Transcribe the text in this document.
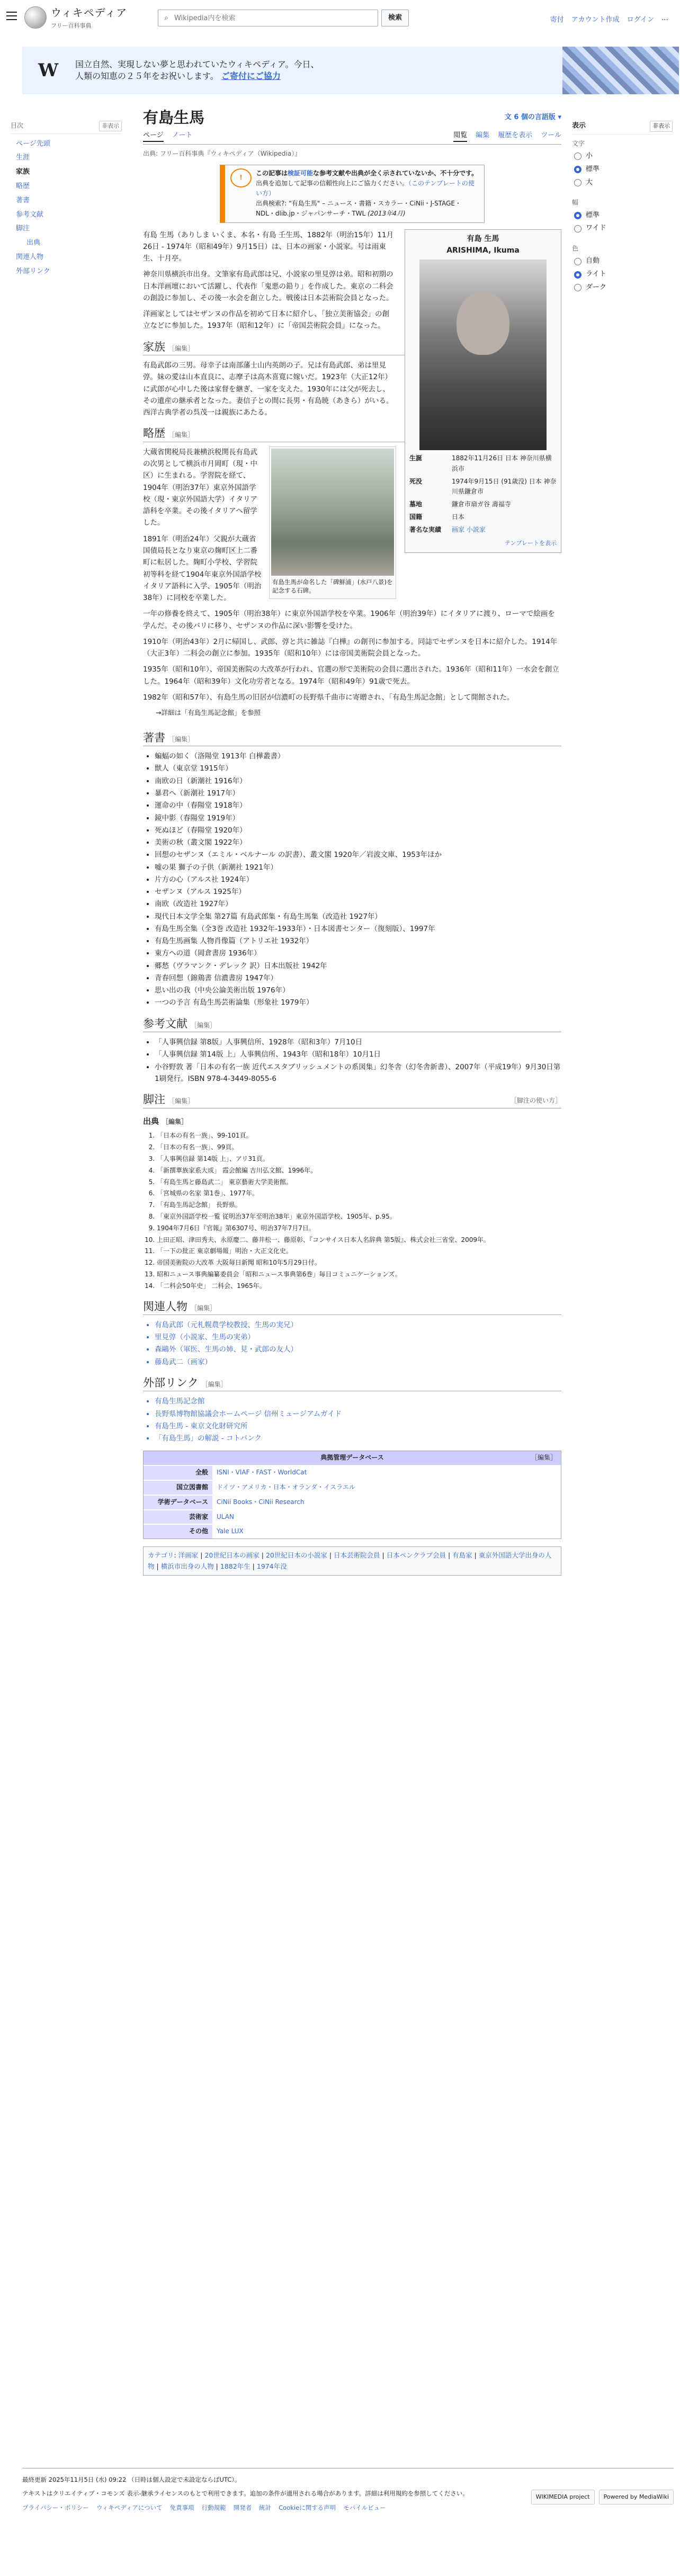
ウィキペディア
フリー百科事典
⌕
Wikipedia内を検索	検索	寄付 アカウント作成 ログイン ⋯
W	国立自然、実現しない夢と思われていたウィキペディア。今日、
人類の知恵の２５年をお祝いします。 ご寄付にご協力
目次	非表示
ページ先頭
生涯
家族
略歴
著書
参考文献
脚注
出典
関連人物
外部リンク
表示	非表示
文字
小
標準
大
幅
標準
ワイド
色
自動
ライト
ダーク
有島生馬	文 6 個の言語版 ▾
ページ ノート	閲覧 編集 履歴を表示 ツール
出典: フリー百科事典『ウィキペディア（Wikipedia）』
!
この記事は検証可能な参考文献や出典が全く示されていないか、不十分です。
出典を追加して記事の信頼性向上にご協力ください。（このテンプレートの使い方）
出典検索?: "有島生馬" – ニュース・書籍・スカラー・CiNii・J-STAGE・NDL・dlib.jp・ジャパンサーチ・TWL (2013年4月)
有島 生馬
ARISHIMA, Ikuma
生誕	1882年11月26日 日本 神奈川県横浜市
死没	1974年9月15日 (91歳没) 日本 神奈川県鎌倉市
墓地	鎌倉市扇ガ谷 壽福寺
国籍	日本
著名な実績	画家 小説家
テンプレートを表示

有島 生馬（ありしま いくま、本名・有島 壬生馬、1882年（明治15年）11月26日 - 1974年（昭和49年）9月15日）は、日本の画家・小説家。号は雨東生、十月亭。

神奈川県横浜市出身。文筆家有島武郎は兄、小説家の里見弴は弟。昭和初期の日本洋画壇において活躍し、代表作「鬼悪の鉛り」を作成した。東京の二科会の創設に参加し、その後一水会を創立した。戦後は日本芸術院会員となった。

洋画家としてはセザンヌの作品を初めて日本に紹介し、「独立美術協会」の創立などに参加した。1937年（昭和12年）に「帝国芸術院会員」になった。

家族 ［編集］

有島武郎の三男。母幸子は南部藩士山内英朗の子。兄は有島武郎、弟は里見弴。妹の愛は山本直良に、志摩子は高木喜寛に嫁いだ。1923年（大正12年）に武郎が心中した後は家督を継ぎ、一家を支えた。1930年には父が死去し、その遺産の継承者となった。妻信子との間に長男・有島暁（あきら）がいる。西洋古典学者の呉茂一は親族にあたる。

略歴 ［編集］
有島生馬が命名した「碑鮮浦」(水戸八景)を記念する石碑。

大蔵省関税局長兼横浜税関長有島武の次男として横浜市月岡町（現・中区）に生まれる。学習院を経て、1904年（明治37年）東京外国語学校（現・東京外国語大学）イタリア語科を卒業。その後イタリアへ留学した。

1891年（明治24年）父親が大蔵省国債局長となり東京の麹町区上二番町に転居した。麹町小学校、学習院初等科を経て1904年東京外国語学校イタリア語科に入学、1905年（明治38年）に同校を卒業した。

一年の修養を終えて、1905年（明治38年）に東京外国語学校を卒業。1906年（明治39年）にイタリアに渡り、ローマで絵画を学んだ。その後パリに移り、セザンヌの作品に深い影響を受けた。

1910年（明治43年）2月に帰国し、武郎、弴と共に雑誌『白樺』の創刊に参加する。同誌でセザンヌを日本に紹介した。1914年（大正3年）二科会の創立に参加。1935年（昭和10年）には帝国美術院会員となった。

1935年（昭和10年）、帝国美術院の大改革が行われ、官選の形で美術院の会員に選出された。1936年（昭和11年）一水会を創立した。1964年（昭和39年）文化功労者となる。1974年（昭和49年）91歳で死去。

1982年（昭和57年）、有島生馬の旧居が信濃町の長野県千曲市に寄贈され、「有島生馬記念館」として開館された。

→詳細は「有島生馬記念館」を参照

著書 ［編集］
• 蝙蝠の如く（洛陽堂 1913年 白樺叢書）
• 獣人（東京堂 1915年）
• 南欧の日（新潮社 1916年）
• 暴君へ（新潮社 1917年）
• 運命の中（春陽堂 1918年）
• 鏡中影（春陽堂 1919年）
• 死ぬほど（春陽堂 1920年）
• 美術の秋（叢文閣 1922年）
• 回想のセザンヌ（エミル・ベルナール の訳書）、叢文閣 1920年／岩波文庫、1953年ほか
• 嘘の果 獅子の子供（新潮社 1921年）
• 片方の心（アルス社 1924年）
• セザンヌ（アルス 1925年）
• 南欧（改造社 1927年）
• 現代日本文学全集 第27篇 有島武郎集・有島生馬集（改造社 1927年）
• 有島生馬全集（全3巻 改造社 1932年-1933年）・日本図書センター（復刻版）、1997年
• 有島生馬画集 人物肖像篇（アトリエ社 1932年）
• 東方への道（岡倉書房 1936年）
• 郷愁（ヴラマンク・デレック 訳）日本出版社 1942年
• 青春回想（錦鶏書 信濃書房 1947年）
• 思い出の我（中央公論美術出版 1976年）
• 一つの予言 有島生馬芸術論集（形象社 1979年）
参考文献 ［編集］
• 「人事興信録 第8版」人事興信所、1928年（昭和3年）7月10日
• 「人事興信録 第14版 上」人事興信所、1943年（昭和18年）10月1日
• 小谷野敦 著「日本の有名一族 近代エスタブリッシュメントの系図集」幻冬舎（幻冬舎新書）、2007年（平成19年）9月30日第1刷発行。ISBN 978-4-3449-8055-6
脚注 ［編集］	［脚注の使い方］
出典 ［編集］
1. 「日本の有名一族」、99-101頁。
2. 「日本の有名一族」、99頁。
3. 「人事興信録 第14版 上」、アリ31頁。
4. 「新撰華族家系大成」 霞会館編 吉川弘文館、1996年。
5. 「有島生馬と藤島武二」 東京藝術大学美術館。
6. 「宮城県の名家 第1巻」、1977年。
7. 「有島生馬記念館」 長野県。
8. 「東京外国語学校一覧 従明治37年至明治38年」東京外国語学校、1905年、p.95。
9. 1904年7月6日『官報』第6307号、明治37年7月7日。
10. 上田正昭、津田秀夫、永原慶二、藤井松一、藤原彰、『コンサイス日本人名辞典 第5版』、株式会社三省堂、2009年。
11. 「一下の批正 東京劇場報」明治・大正文化史。
12. 帝国美術院の大改革 大阪毎日新聞 昭和10年5月29日付。
13. 昭和ニュース事典編纂委員会「昭和ニュース事典第6巻」毎日コミュニケーションズ。
14. 「二科会50年史」 二科会、1965年。
関連人物 ［編集］
• 有島武郎（元札幌農学校教授、生馬の実兄）
• 里見弴（小説家、生馬の実弟）
• 森鷗外（軍医、生馬の姉、見・武郎の友人）
• 藤島武二（画家）
外部リンク ［編集］
• 有島生馬記念館
• 長野県博物館協議会ホームページ 信州ミュージアムガイド
• 有島生馬 - 東京文化財研究所
• 「有島生馬」の解説 - コトバンク
［編集］
典拠管理データベース
全般	ISNI・VIAF・FAST・WorldCat
国立図書館	ドイツ・アメリカ・日本・オランダ・イスラエル
学術データベース	CiNii Books・CiNii Research
芸術家	ULAN
その他	Yale LUX
カテゴリ: 洋画家 | 20世紀日本の画家 | 20世紀日本の小説家 | 日本芸術院会員 | 日本ペンクラブ会員 | 有島家 | 東京外国語大学出身の人物 | 横浜市出身の人物 | 1882年生 | 1974年没

最終更新 2025年11月5日 (水) 09:22 （日時は個人設定で未設定ならばUTC）。

テキストはクリエイティブ・コモンズ 表示-継承ライセンスのもとで利用できます。追加の条件が適用される場合があります。詳細は利用規約を参照してください。

プライバシー・ポリシー ウィキペディアについて 免責事項 行動規範 開発者 統計 Cookieに関する声明 モバイルビュー
WIKIMEDIA project	Powered by MediaWiki
